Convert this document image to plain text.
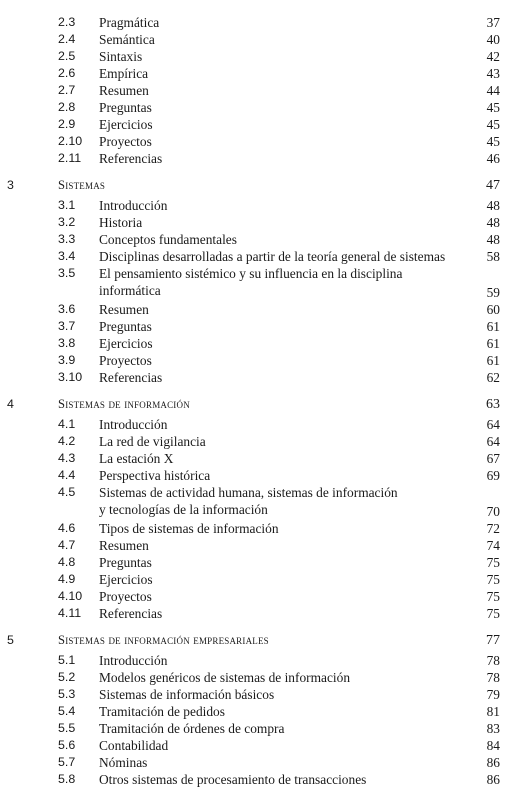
2.3 Pragmática	37
2.4 Semántica	40
2.5 Sintaxis	42
2.6 Empírica	43
2.7 Resumen	44
2.8 Preguntas	45
2.9 Ejercicios	45
2.10 Proyectos	45
2.11 Referencias	46
3	Sistemas	47
3.1 Introducción	48
3.2 Historia	48
3.3 Conceptos fundamentales	48
3.4 Disciplinas desarrolladas a partir de la teoría general de sistemas	58
3.5 El pensamiento sistémico y su influencia en la disciplina
informática	59
3.6 Resumen	60
3.7 Preguntas	61
3.8 Ejercicios	61
3.9 Proyectos	61
3.10 Referencias	62
4	Sistemas de información	63
4.1 Introducción	64
4.2 La red de vigilancia	64
4.3 La estación X	67
4.4 Perspectiva histórica	69
4.5 Sistemas de actividad humana, sistemas de información
y tecnologías de la información	70
4.6 Tipos de sistemas de información	72
4.7 Resumen	74
4.8 Preguntas	75
4.9 Ejercicios	75
4.10 Proyectos	75
4.11 Referencias	75
5	Sistemas de información empresariales	77
5.1 Introducción	78
5.2 Modelos genéricos de sistemas de información	78
5.3 Sistemas de información básicos	79
5.4 Tramitación de pedidos	81
5.5 Tramitación de órdenes de compra	83
5.6 Contabilidad	84
5.7 Nóminas	86
5.8 Otros sistemas de procesamiento de transacciones	86
